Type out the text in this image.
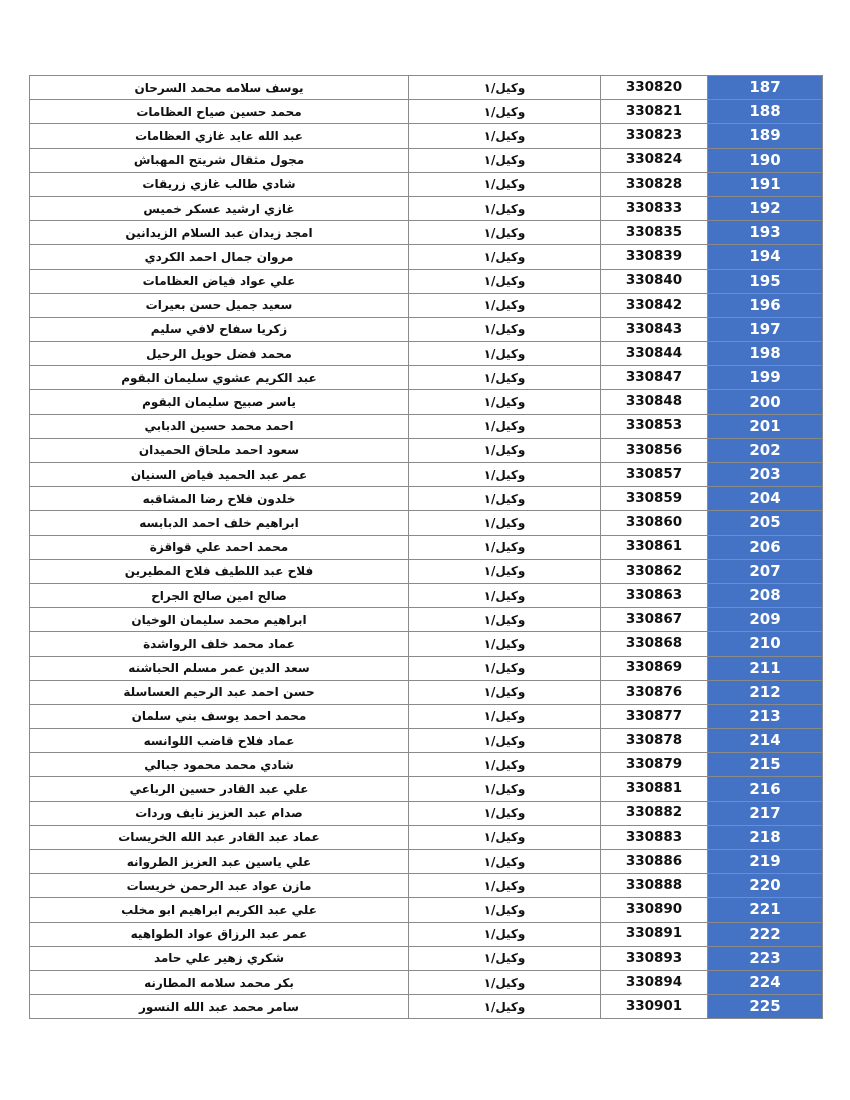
يوسف سلامه محمد السرحان	وكيل/١	330820	187
محمد حسين صياح العظامات	وكيل/١	330821	188
عبد الله عايد غازي العظامات	وكيل/١	330823	189
مجول مثقال شريتح المهباش	وكيل/١	330824	190
شادي طالب غازي زريقات	وكيل/١	330828	191
غازي ارشيد عسكر خميس	وكيل/١	330833	192
امجد زيدان عبد السلام الزيدانين	وكيل/١	330835	193
مروان جمال احمد الكردي	وكيل/١	330839	194
علي عواد فياض العظامات	وكيل/١	330840	195
سعيد جميل حسن بعيرات	وكيل/١	330842	196
زكريا سفاح لافي سليم	وكيل/١	330843	197
محمد فضل حويل الرحيل	وكيل/١	330844	198
عبد الكريم عشوي سليمان البقوم	وكيل/١	330847	199
ياسر صبيح سليمان البقوم	وكيل/١	330848	200
احمد محمد حسين الدبابي	وكيل/١	330853	201
سعود احمد ملحاق الحميدان	وكيل/١	330856	202
عمر عبد الحميد فياض السنيان	وكيل/١	330857	203
خلدون فلاح رضا المشاقبه	وكيل/١	330859	204
ابراهيم خلف احمد الدبابسه	وكيل/١	330860	205
محمد احمد علي قواقزة	وكيل/١	330861	206
فلاح عبد اللطيف فلاح المطيرين	وكيل/١	330862	207
صالح امين صالح الجراح	وكيل/١	330863	208
ابراهيم محمد سليمان الوخيان	وكيل/١	330867	209
عماد محمد خلف الرواشدة	وكيل/١	330868	210
سعد الدين عمر مسلم الحباشنه	وكيل/١	330869	211
حسن احمد عبد الرحيم العساسلة	وكيل/١	330876	212
محمد احمد يوسف بني سلمان	وكيل/١	330877	213
عماد فلاح قاضب اللوانسه	وكيل/١	330878	214
شادي محمد محمود جبالي	وكيل/١	330879	215
علي عبد القادر حسين الرباعي	وكيل/١	330881	216
صدام عبد العزيز نايف وردات	وكيل/١	330882	217
عماد عبد القادر عبد الله الخريسات	وكيل/١	330883	218
علي ياسين عبد العزيز الطروانه	وكيل/١	330886	219
مازن عواد عبد الرحمن خريسات	وكيل/١	330888	220
علي عبد الكريم ابراهيم ابو مخلب	وكيل/١	330890	221
عمر عبد الرزاق عواد الطواهيه	وكيل/١	330891	222
شكري زهير علي حامد	وكيل/١	330893	223
بكر محمد سلامه المطارنه	وكيل/١	330894	224
سامر محمد عبد الله النسور	وكيل/١	330901	225
